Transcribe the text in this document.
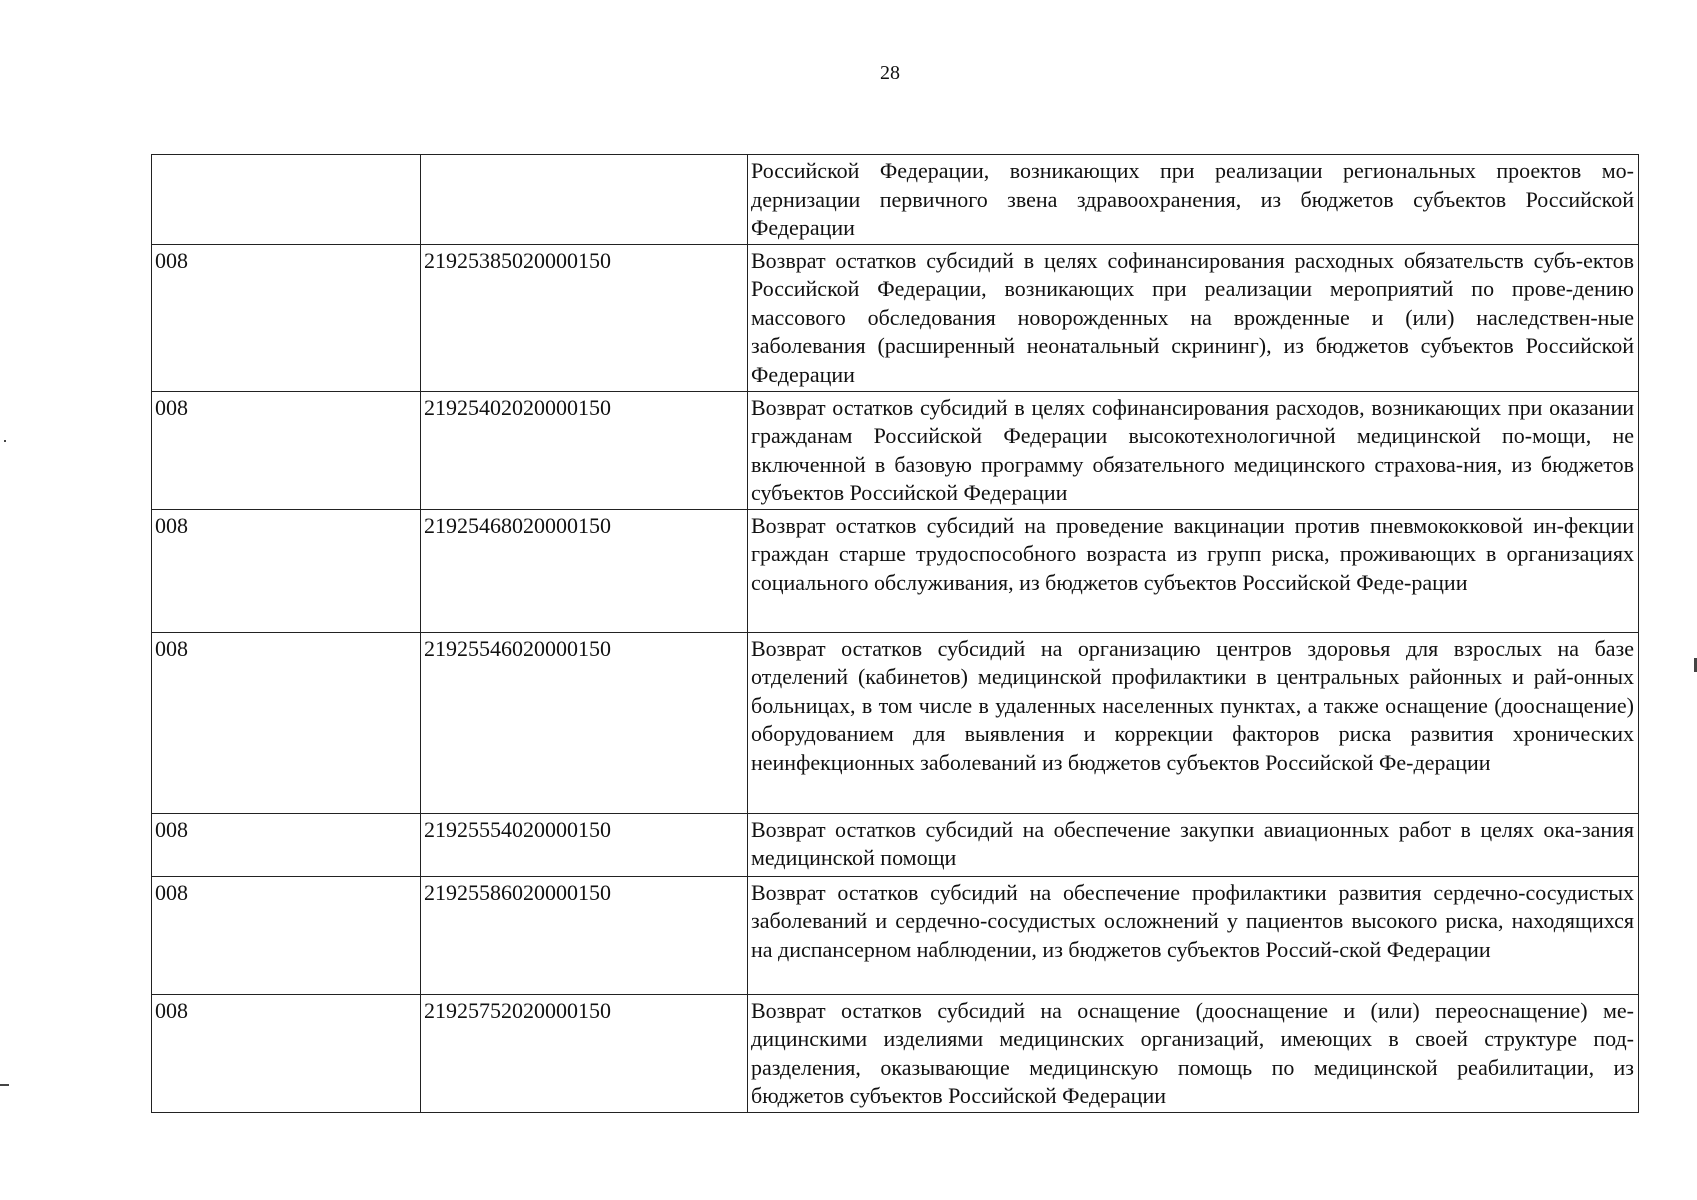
28
		Российской Федерации, возникающих при реализации региональных проектов мо-дернизации первичного звена здравоохранения, из бюджетов субъектов Российской Федерации
008	21925385020000150	Возврат остатков субсидий в целях софинансирования расходных обязательств субъ-ектов Российской Федерации, возникающих при реализации мероприятий по прове-дению массового обследования новорожденных на врожденные и (или) наследствен-ные заболевания (расширенный неонатальный скрининг), из бюджетов субъектов Российской Федерации
008	21925402020000150	Возврат остатков субсидий в целях софинансирования расходов, возникающих при оказании гражданам Российской Федерации высокотехнологичной медицинской по-мощи, не включенной в базовую программу обязательного медицинского страхова-ния, из бюджетов субъектов Российской Федерации
008	21925468020000150	Возврат остатков субсидий на проведение вакцинации против пневмококковой ин-фекции граждан старше трудоспособного возраста из групп риска, проживающих в организациях социального обслуживания, из бюджетов субъектов Российской Феде-рации
008	21925546020000150	Возврат остатков субсидий на организацию центров здоровья для взрослых на базе отделений (кабинетов) медицинской профилактики в центральных районных и рай-онных больницах, в том числе в удаленных населенных пунктах, а также оснащение (дооснащение) оборудованием для выявления и коррекции факторов риска развития хронических неинфекционных заболеваний из бюджетов субъектов Российской Фе-дерации
008	21925554020000150	Возврат остатков субсидий на обеспечение закупки авиационных работ в целях ока-зания медицинской помощи
008	21925586020000150	Возврат остатков субсидий на обеспечение профилактики развития сердечно-сосудистых заболеваний и сердечно-сосудистых осложнений у пациентов высокого риска, находящихся на диспансерном наблюдении, из бюджетов субъектов Россий-ской Федерации
008	21925752020000150	Возврат остатков субсидий на оснащение (дооснащение и (или) переоснащение) ме-дицинскими изделиями медицинских организаций, имеющих в своей структуре под-разделения, оказывающие медицинскую помощь по медицинской реабилитации, из бюджетов субъектов Российской Федерации
